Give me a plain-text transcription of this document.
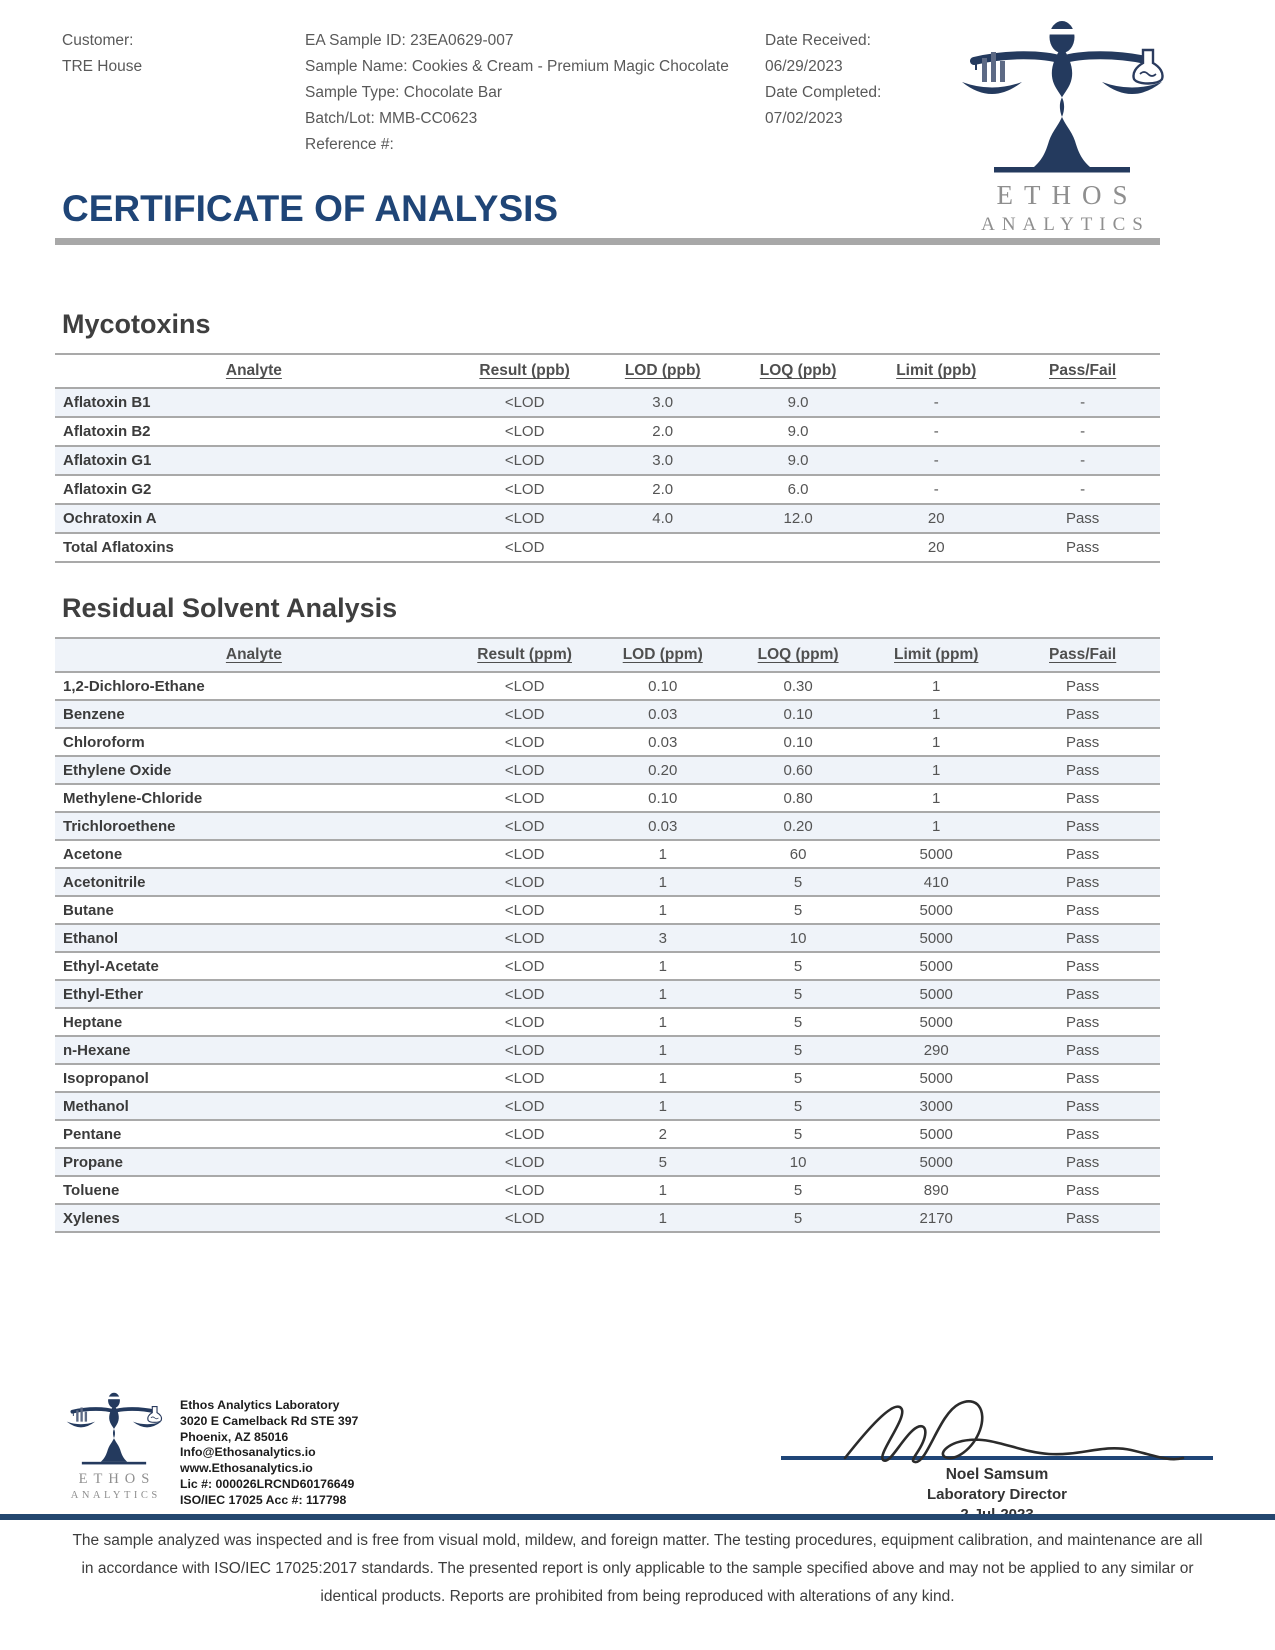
Customer:
TRE House
EA Sample ID: 23EA0629-007
Sample Name: Cookies & Cream - Premium Magic Chocolate
Sample Type: Chocolate Bar
Batch/Lot: MMB-CC0623
Reference #:
Date Received:
06/29/2023
Date Completed:
07/02/2023
ETHOS
ANALYTICS
CERTIFICATE OF ANALYSIS
Mycotoxins
Analyte	Result (ppb)	LOD (ppb)	LOQ (ppb)	Limit (ppb)	Pass/Fail
Aflatoxin B1	<LOD	3.0	9.0	-	-
Aflatoxin B2	<LOD	2.0	9.0	-	-
Aflatoxin G1	<LOD	3.0	9.0	-	-
Aflatoxin G2	<LOD	2.0	6.0	-	-
Ochratoxin A	<LOD	4.0	12.0	20	Pass
Total Aflatoxins	<LOD			20	Pass
Residual Solvent Analysis
Analyte	Result (ppm)	LOD (ppm)	LOQ (ppm)	Limit (ppm)	Pass/Fail
1,2-Dichloro-Ethane	<LOD	0.10	0.30	1	Pass
Benzene	<LOD	0.03	0.10	1	Pass
Chloroform	<LOD	0.03	0.10	1	Pass
Ethylene Oxide	<LOD	0.20	0.60	1	Pass
Methylene-Chloride	<LOD	0.10	0.80	1	Pass
Trichloroethene	<LOD	0.03	0.20	1	Pass
Acetone	<LOD	1	60	5000	Pass
Acetonitrile	<LOD	1	5	410	Pass
Butane	<LOD	1	5	5000	Pass
Ethanol	<LOD	3	10	5000	Pass
Ethyl-Acetate	<LOD	1	5	5000	Pass
Ethyl-Ether	<LOD	1	5	5000	Pass
Heptane	<LOD	1	5	5000	Pass
n-Hexane	<LOD	1	5	290	Pass
Isopropanol	<LOD	1	5	5000	Pass
Methanol	<LOD	1	5	3000	Pass
Pentane	<LOD	2	5	5000	Pass
Propane	<LOD	5	10	5000	Pass
Toluene	<LOD	1	5	890	Pass
Xylenes	<LOD	1	5	2170	Pass
ETHOS
ANALYTICS
Ethos Analytics Laboratory
3020 E Camelback Rd STE 397
Phoenix, AZ 85016
Info@Ethosanalytics.io
www.Ethosanalytics.io
Lic #: 000026LRCND60176649
ISO/IEC 17025 Acc #: 117798
Noel Samsum
Laboratory Director

The sample analyzed was inspected and is free from visual mold, mildew, and foreign matter. The testing procedures, equipment calibration, and maintenance are all in accordance with ISO/IEC 17025:2017 standards. The presented report is only applicable to the sample specified above and may not be applied to any similar or identical products. Reports are prohibited from being reproduced with alterations of any kind.
